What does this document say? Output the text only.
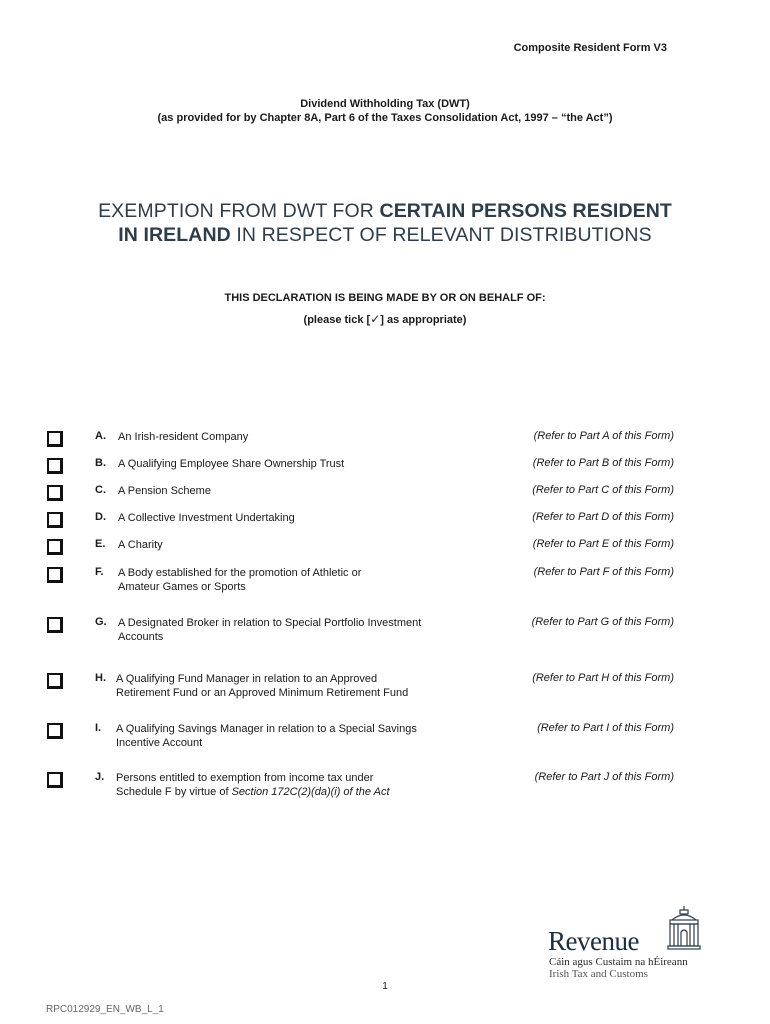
Composite Resident Form V3
Dividend Withholding Tax (DWT)
(as provided for by Chapter 8A, Part 6 of the Taxes Consolidation Act, 1997 – “the Act”)
EXEMPTION FROM DWT FOR CERTAIN PERSONS RESIDENT
IN IRELAND IN RESPECT OF RELEVANT DISTRIBUTIONS
THIS DECLARATION IS BEING MADE BY OR ON BEHALF OF:
(please tick [✓] as appropriate)
A. An Irish-resident Company	(Refer to Part A of this Form)
B. A Qualifying Employee Share Ownership Trust	(Refer to Part B of this Form)
C. A Pension Scheme	(Refer to Part C of this Form)
D. A Collective Investment Undertaking	(Refer to Part D of this Form)
E. A Charity	(Refer to Part E of this Form)
F. A Body established for the promotion of Athletic or
Amateur Games or Sports
(Refer to Part F of this Form)
G. A Designated Broker in relation to Special Portfolio Investment
Accounts
(Refer to Part G of this Form)
H. A Qualifying Fund Manager in relation to an Approved
Retirement Fund or an Approved Minimum Retirement Fund
(Refer to Part H of this Form)
I. A Qualifying Savings Manager in relation to a Special Savings
Incentive Account
(Refer to Part I of this Form)
J. Persons entitled to exemption from income tax under
Schedule F by virtue of Section 172C(2)(da)(i) of the Act
(Refer to Part J of this Form)
Revenue
Cáin agus Custaim na hÉireann
Irish Tax and Customs
1
RPC012929_EN_WB_L_1
